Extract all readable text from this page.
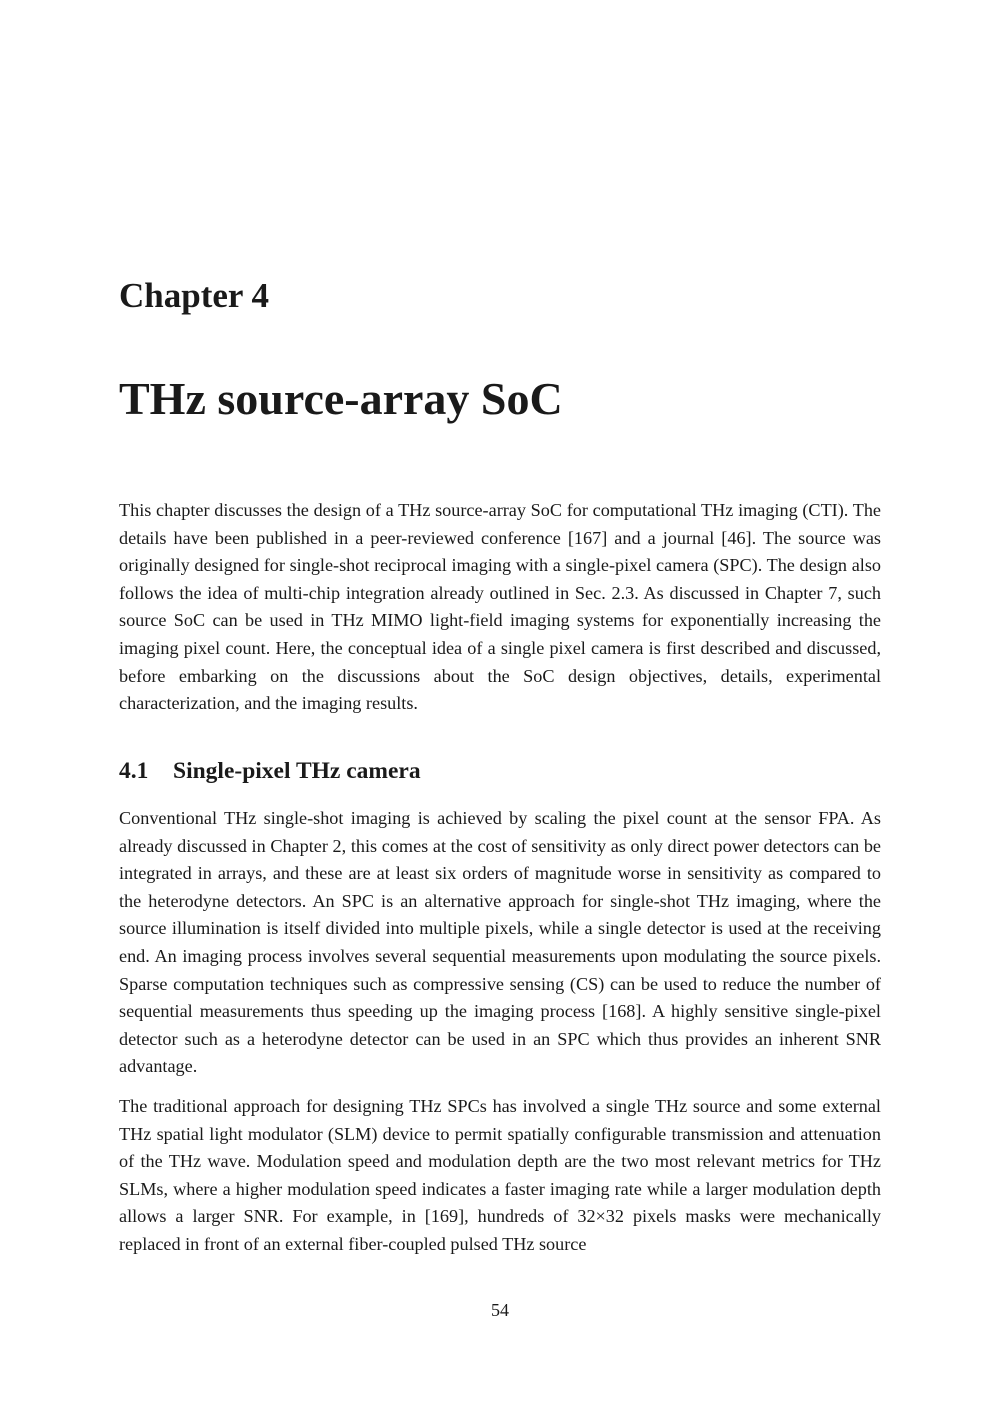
Chapter 4
THz source-array SoC

This chapter discusses the design of a THz source-array SoC for computational THz imaging (CTI). The details have been published in a peer-reviewed conference [167] and a journal [46]. The source was originally designed for single-shot reciprocal imaging with a single-pixel camera (SPC). The design also follows the idea of multi-chip integration already outlined in Sec. 2.3. As discussed in Chapter 7, such source SoC can be used in THz MIMO light-field imaging systems for exponentially increasing the imaging pixel count. Here, the conceptual idea of a single pixel camera is first described and discussed, before embarking on the discussions about the SoC design objectives, details, experimental characterization, and the imaging results.

4.1 Single-pixel THz camera

Conventional THz single-shot imaging is achieved by scaling the pixel count at the sensor FPA. As already discussed in Chapter 2, this comes at the cost of sensitivity as only direct power detectors can be integrated in arrays, and these are at least six orders of magnitude worse in sensitivity as compared to the heterodyne detectors. An SPC is an alternative approach for single-shot THz imaging, where the source illumination is itself divided into multiple pixels, while a single detector is used at the receiving end. An imaging process involves several sequential measurements upon modulating the source pixels. Sparse computation techniques such as compressive sensing (CS) can be used to reduce the number of sequential measurements thus speeding up the imaging process [168]. A highly sensitive single-pixel detector such as a heterodyne detector can be used in an SPC which thus provides an inherent SNR advantage.

The traditional approach for designing THz SPCs has involved a single THz source and some external THz spatial light modulator (SLM) device to permit spatially configurable transmission and attenuation of the THz wave. Modulation speed and modulation depth are the two most relevant metrics for THz SLMs, where a higher modulation speed indicates a faster imaging rate while a larger modulation depth allows a larger SNR. For example, in [169], hundreds of 32×32 pixels masks were mechanically replaced in front of an external fiber-coupled pulsed THz source

54
